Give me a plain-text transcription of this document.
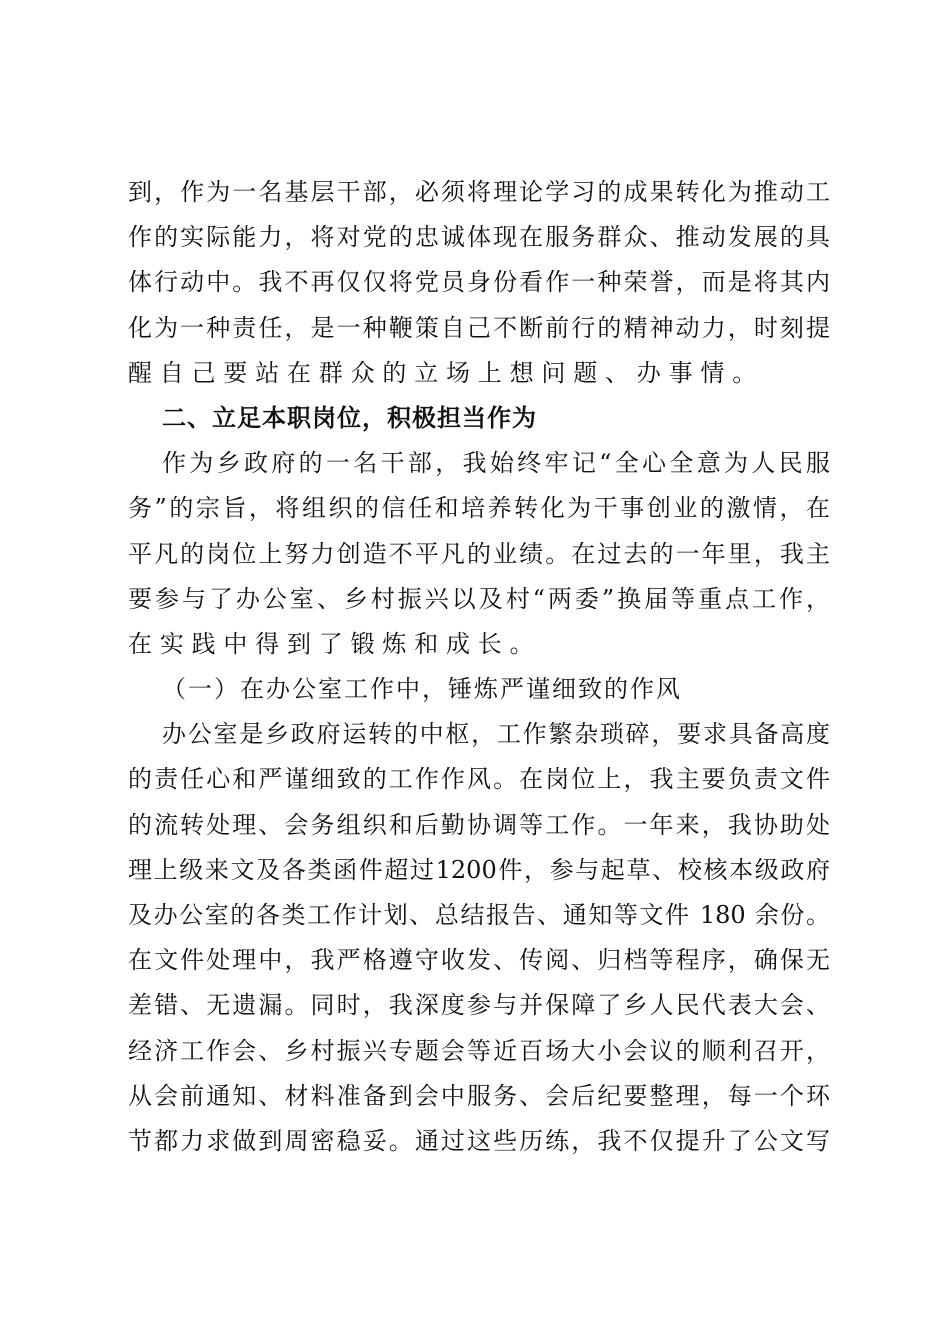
到，作为一名基层干部，必须将理论学习的成果转化为推动工
作的实际能力，将对党的忠诚体现在服务群众、推动发展的具
体行动中。我不再仅仅将党员身份看作一种荣誉，而是将其内
化为一种责任，是一种鞭策自己不断前行的精神动力，时刻提
醒自己要站在群众的立场上想问题、办事情。
二、立足本职岗位，积极担当作为
作为乡政府的一名干部，我始终牢记“全心全意为人民服
务”的宗旨，将组织的信任和培养转化为干事创业的激情，在
平凡的岗位上努力创造不平凡的业绩。在过去的一年里，我主
要参与了办公室、乡村振兴以及村“两委”换届等重点工作，
在实践中得到了锻炼和成长。
（一）在办公室工作中，锤炼严谨细致的作风
办公室是乡政府运转的中枢，工作繁杂琐碎，要求具备高度
的责任心和严谨细致的工作作风。在岗位上，我主要负责文件
的流转处理、会务组织和后勤协调等工作。一年来，我协助处
理上级来文及各类函件超过1200件，参与起草、校核本级政府
及办公室的各类工作计划、总结报告、通知等文件 180 余份。
在文件处理中，我严格遵守收发、传阅、归档等程序，确保无
差错、无遗漏。同时，我深度参与并保障了乡人民代表大会、
经济工作会、乡村振兴专题会等近百场大小会议的顺利召开，
从会前通知、材料准备到会中服务、会后纪要整理，每一个环
节都力求做到周密稳妥。通过这些历练，我不仅提升了公文写
